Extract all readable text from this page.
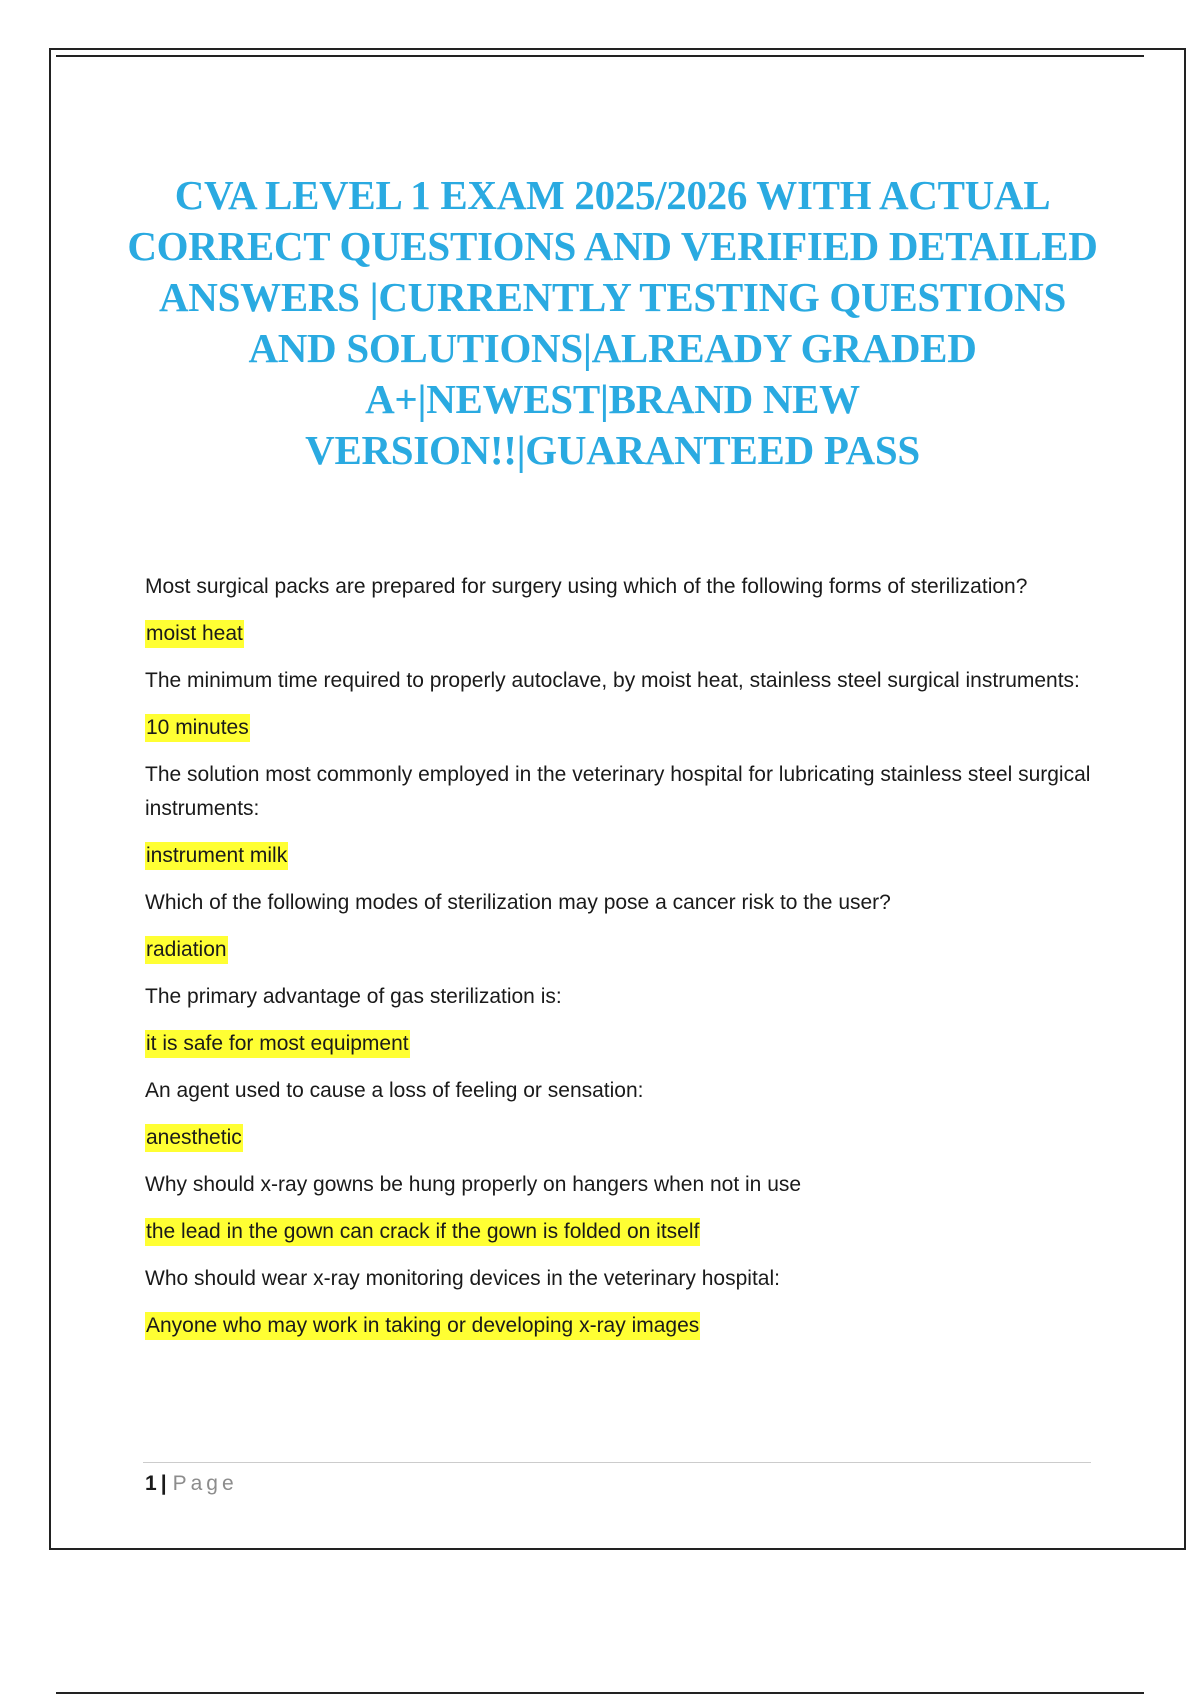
CVA LEVEL 1 EXAM 2025/2026 WITH ACTUAL CORRECT QUESTIONS AND VERIFIED DETAILED ANSWERS |CURRENTLY TESTING QUESTIONS AND SOLUTIONS|ALREADY GRADED A+|NEWEST|BRAND NEW VERSION!!|GUARANTEED PASS

Most surgical packs are prepared for surgery using which of the following forms of sterilization?

moist heat

The minimum time required to properly autoclave, by moist heat, stainless steel surgical instruments:

10 minutes

The solution most commonly employed in the veterinary hospital for lubricating stainless steel surgical instruments:

instrument milk

Which of the following modes of sterilization may pose a cancer risk to the user?

radiation

The primary advantage of gas sterilization is:

it is safe for most equipment

An agent used to cause a loss of feeling or sensation:

anesthetic

Why should x-ray gowns be hung properly on hangers when not in use

the lead in the gown can crack if the gown is folded on itself

Who should wear x-ray monitoring devices in the veterinary hospital:

Anyone who may work in taking or developing x-ray images
1 | Page
